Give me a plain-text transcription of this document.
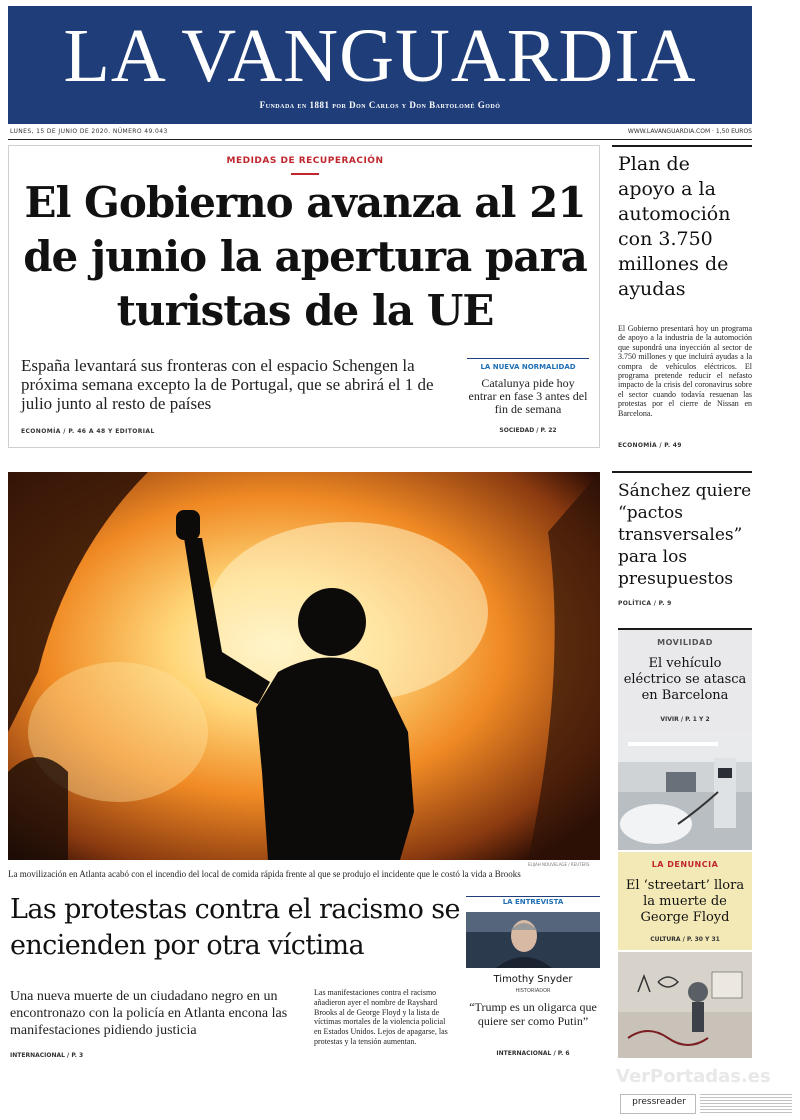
LA VANGUARDIA
Fundada en 1881 por Don Carlos y Don Bartolomé Godó
LUNES, 15 DE JUNIO DE 2020. NÚMERO 49.043	WWW.LAVANGUARDIA.COM · 1,50 EUROS
MEDIDAS DE RECUPERACIÓN
El Gobierno avanza al 21 de junio la apertura para turistas de la UE
España levantará sus fronteras con el espacio Schengen la próxima semana excepto la de Portugal, que se abrirá el 1 de julio junto al resto de países
ECONOMÍA / P. 46 A 48 Y EDITORIAL
LA NUEVA NORMALIDAD
Catalunya pide hoy entrar en fase 3 antes del fin de semana
SOCIEDAD / P. 22
Plan de apoyo a la automoción con 3.750 millones de ayudas
El Gobierno presentará hoy un programa de apoyo a la industria de la automoción que supondrá una inyección al sector de 3.750 millones y que incluirá ayudas a la compra de vehículos eléctricos. El programa pretende reducir el nefasto impacto de la crisis del coronavirus sobre el sector cuando todavía resuenan las protestas por el cierre de Nissan en Barcelona.
ECONOMÍA / P. 49
Sánchez quiere “pactos transversales” para los presupuestos
POLÍTICA / P. 9
MOVILIDAD
El vehículo eléctrico se atasca en Barcelona
VIVIR / P. 1 Y 2
LA DENUNCIA
El ‘streetart’ llora la muerte de George Floyd
CULTURA / P. 30 Y 31
ELIJAH NOUVELAGE / REUTERS
La movilización en Atlanta acabó con el incendio del local de comida rápida frente al que se produjo el incidente que le costó la vida a Brooks
Las protestas contra el racismo se encienden por otra víctima
Una nueva muerte de un ciudadano negro en un encontronazo con la policía en Atlanta encona las manifestaciones pidiendo justicia
INTERNACIONAL / P. 3
Las manifestaciones contra el racismo añadieron ayer el nombre de Rayshard Brooks al de George Floyd y la lista de víctimas mortales de la violencia policial en Estados Unidos. Lejos de apagarse, las protestas y la tensión aumentan.
LA ENTREVISTA
Timothy Snyder
HISTORIADOR
“Trump es un oligarca que quiere ser como Putin”
INTERNACIONAL / P. 6
VerPortadas.es
pressreader
